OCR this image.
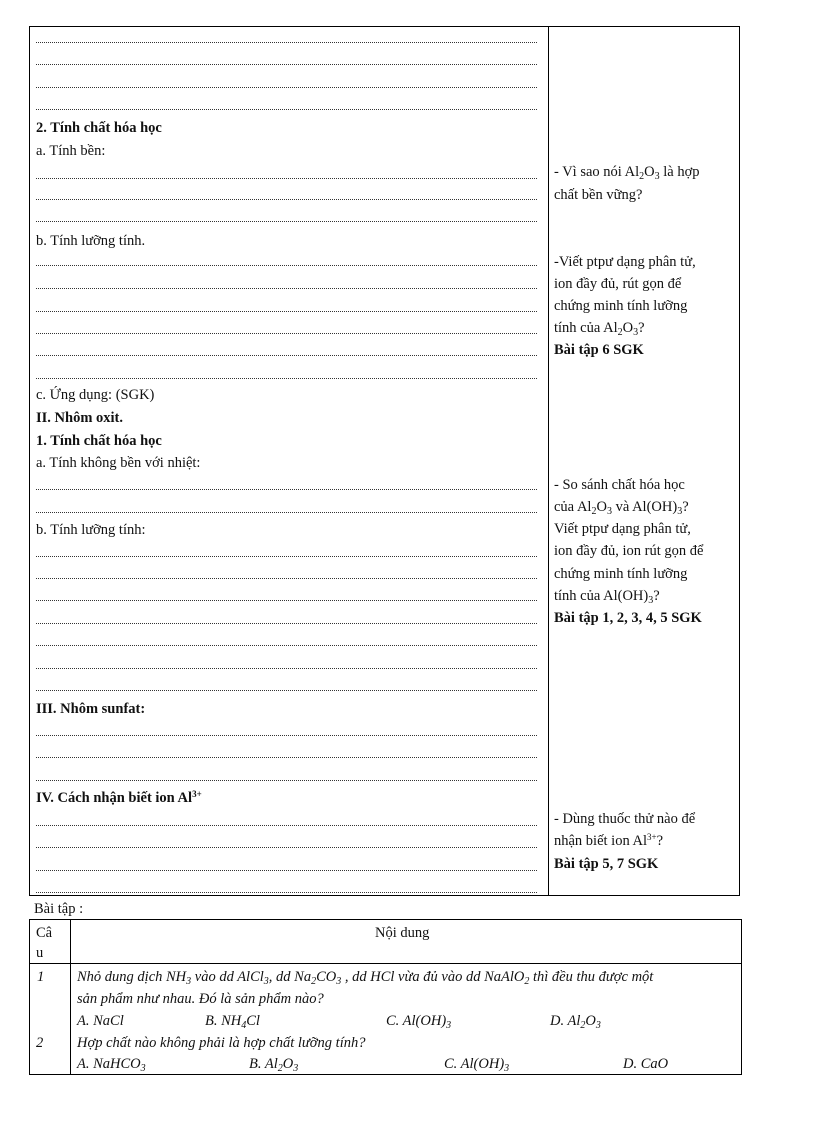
2. Tính chất hóa học
a. Tính bền:
b. Tính lưỡng tính.
c. Ứng dụng: (SGK)
II. Nhôm oxit.
1. Tính chất hóa học
a. Tính không bền với nhiệt:
b. Tính lưỡng tính:
III. Nhôm sunfat:
IV. Cách nhận biết ion $Al^{3+}$
- Vì sao nói $Al_2O_3$ là hợp
chất bền vững?
-Viết ptpư dạng phân tử,
ion đầy đủ, rút gọn để
chứng minh tính lưỡng
tính của $Al_2O_3$?
Bài tập 6 SGK
- So sánh chất hóa học
của $Al_2O_3$ và $Al(OH)_3$?
Viết ptpư dạng phân tử,
ion đầy đủ, ion rút gọn để
chứng minh tính lưỡng
tính của $Al(OH)_3$?
Bài tập 1, 2, 3, 4, 5 SGK
- Dùng thuốc thử nào để
nhận biết ion $Al^{3+}$?
Bài tập 5, 7 SGK
Bài tập :
Câ
u
Nội dung
1 Nhỏ dung dịch $NH_3$ vào dd AlCl$_3$, dd $Na_2CO_3$ , dd HCl vừa đủ vào dd NaAlO$_2$ thì đều thu được một
sản phẩm như nhau. Đó là sản phẩm nào?
A. NaCl	B. $NH_4Cl$	C. $Al(OH)_3$	D. $Al_2O_3$
2 Hợp chất nào không phải là hợp chất lưỡng tính?
A. NaHCO$_3$	B. $Al_2O_3$	C. $Al(OH)_3$	D. CaO
